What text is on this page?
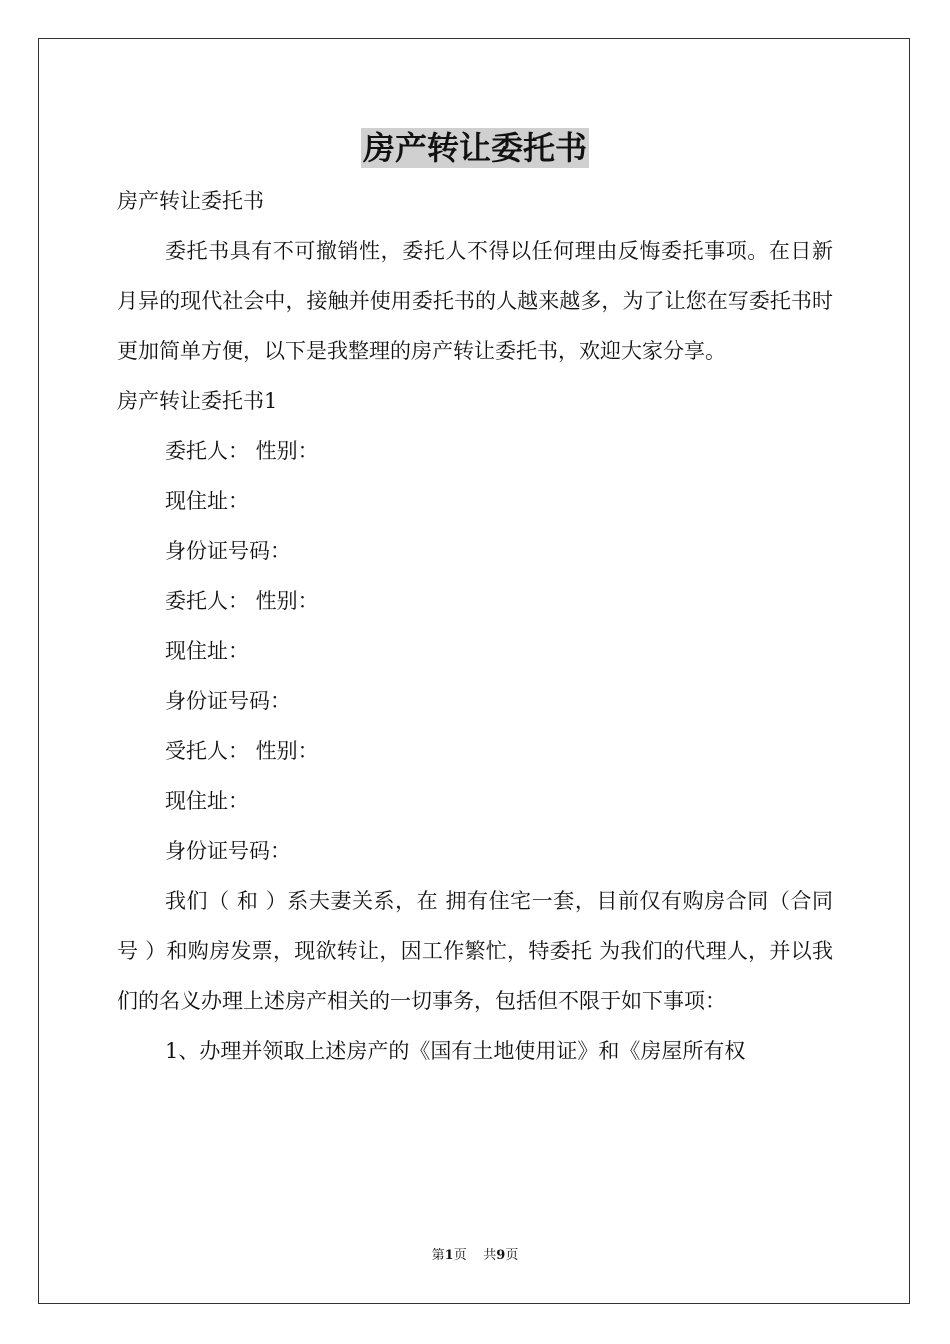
房产转让委托书

房产转让委托书

委托书具有不可撤销性，委托人不得以任何理由反悔委托事项。在日新月异的现代社会中，接触并使用委托书的人越来越多，为了让您在写委托书时更加简单方便，以下是我整理的房产转让委托书，欢迎大家分享。

房产转让委托书1

委托人： 性别：

现住址：

身份证号码：

委托人： 性别：

现住址：

身份证号码：

受托人： 性别：

现住址：

身份证号码：

我们（ 和 ）系夫妻关系，在 拥有住宅一套，目前仅有购房合同（合同号 ）和购房发票，现欲转让，因工作繁忙，特委托 为我们的代理人，并以我们的名义办理上述房产相关的一切事务，包括但不限于如下事项：

1、办理并领取上述房产的《国有土地使用证》和《房屋所有权

第1页 共9页
